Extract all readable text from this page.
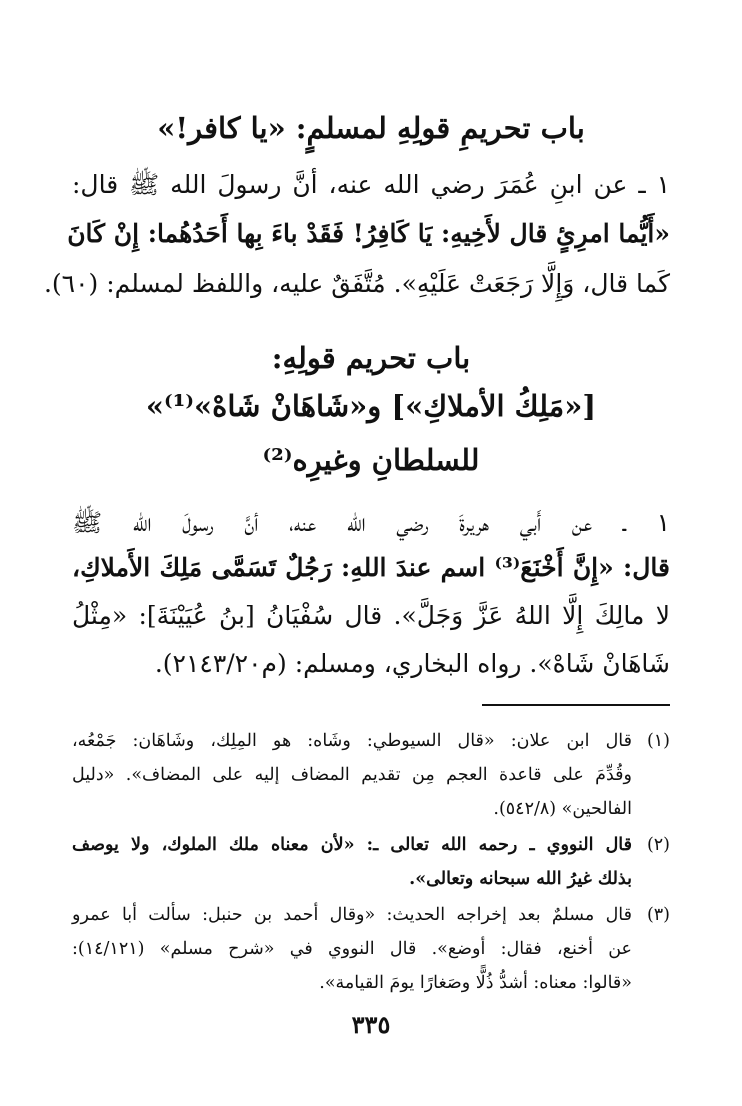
باب تحريمِ قولِهِ لمسلمٍ: «يا كافر!»
١ ـ عن ابنِ عُمَرَ رضي الله عنه، أنَّ رسولَ الله ﷺ قال:
«أَيُّما امرِئٍ قال لأَخِيهِ: يَا كَافِرُ! فَقَدْ باءَ بِها أَحَدُهُما: إِنْ كَانَ
كَما قال، وَإِلَّا رَجَعَتْ عَلَيْهِ». مُتَّفَقٌ عليه، واللفظ لمسلم: (٦٠).
باب تحريم قولِهِ:
[«مَلِكُ الأملاكِ»] و«شَاهَانْ شَاهْ»⁽¹⁾»
للسلطانِ وغيرِه⁽²⁾
١ ـ عن أَبي هريرةَ رضي الله عنه، أنَّ رسولَ الله ﷺ
قال: «إِنَّ أَخْنَعَ⁽³⁾ اسم عندَ اللهِ: رَجُلٌ تَسَمَّى مَلِكَ الأَملاكِ،
لا مالِكَ إِلَّا اللهُ عَزَّ وَجَلَّ». قال سُفْيَانُ [بنُ عُيَيْنَةَ]: «مِثْلُ
شَاهَانْ شَاهْ». رواه البخاري، ومسلم: (م٢١٤٣/٢٠).
(١)
قال ابن علان: «قال السيوطي: وشَاه: هو المِلِك، وشَاهَان: جَمْعُه،
وقُدِّمَ على قاعدة العجم مِن تقديم المضاف إليه على المضاف». «دليل
الفالحين» (٥٤٢/٨).
(٢)
قال النووي ـ رحمه الله تعالى ـ: «لأن معناه ملك الملوك، ولا يوصف
بذلك غيرُ الله سبحانه وتعالى».
(٣)
قال مسلمٌ بعد إخراجه الحديث: «وقال أحمد بن حنبل: سألت أبا عمرو
عن أخنع، فقال: أوضع». قال النووي في «شرح مسلم» (١٤/١٢١):
«قالوا: معناه: أشدُّ ذُلًّا وصَغارًا يومَ القيامة».
٣٣٥
